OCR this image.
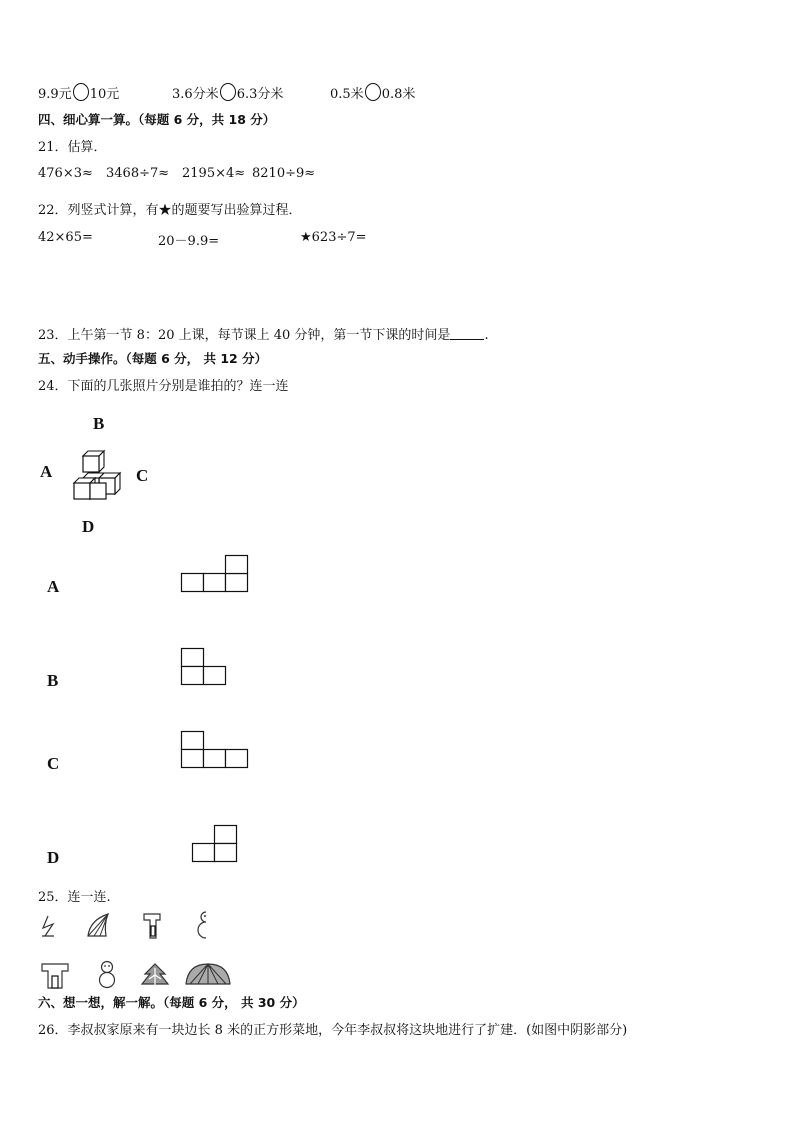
9.9元 10元	3.6分米 6.3分米	0.5米 0.8米
四、细心算一算。（每题 6 分，共 18 分）
21．估算．
476×3≈ 3468÷7≈ 2195×4≈ 8210÷9≈
22．列竖式计算，有★的题要写出验算过程．
42×65=	20－9.9=	★623÷7=
23．上午第一节 8：20 上课，每节课上 40 分钟，第一节下课的时间是	.
五、动手操作。（每题 6 分， 共 12 分）
24．下面的几张照片分别是谁拍的？连一连
B
A	C
D
A
B
C
D
25．连一连.
六、想一想，解一解。（每题 6 分， 共 30 分）
26．李叔叔家原来有一块边长 8 米的正方形菜地，今年李叔叔将这块地进行了扩建．(如图中阴影部分)
